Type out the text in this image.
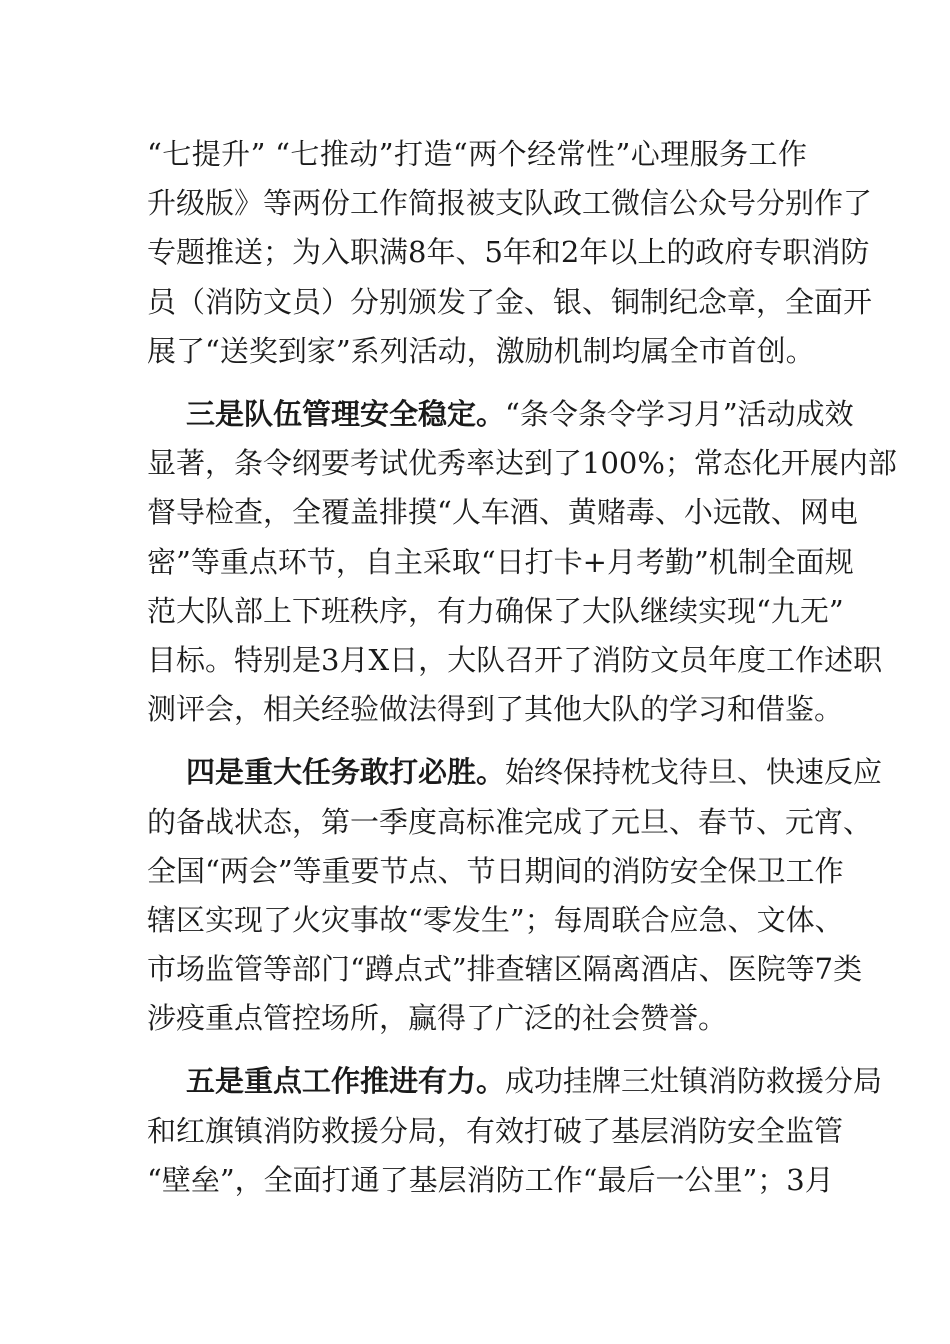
“七提升” “七推动”打造“两个经常性”心理服务工作
升级版》等两份工作简报被支队政工微信公众号分别作了
专题推送；为入职满8年、5年和2年以上的政府专职消防
员（消防文员）分别颁发了金、银、铜制纪念章，全面开
展了“送奖到家”系列活动，激励机制均属全市首创。
三是队伍管理安全稳定。“条令条令学习月”活动成效
显著，条令纲要考试优秀率达到了100%；常态化开展内部
督导检查，全覆盖排摸“人车酒、黄赌毒、小远散、网电
密”等重点环节，自主采取“日打卡+月考勤”机制全面规
范大队部上下班秩序，有力确保了大队继续实现“九无”
目标。特别是3月X日，大队召开了消防文员年度工作述职
测评会，相关经验做法得到了其他大队的学习和借鉴。
四是重大任务敢打必胜。始终保持枕戈待旦、快速反应
的备战状态，第一季度高标准完成了元旦、春节、元宵、
全国“两会”等重要节点、节日期间的消防安全保卫工作
辖区实现了火灾事故“零发生”；每周联合应急、文体、
市场监管等部门“蹲点式”排查辖区隔离酒店、医院等7类
涉疫重点管控场所，赢得了广泛的社会赞誉。
五是重点工作推进有力。成功挂牌三灶镇消防救援分局
和红旗镇消防救援分局，有效打破了基层消防安全监管
“壁垒”，全面打通了基层消防工作“最后一公里”；3月
